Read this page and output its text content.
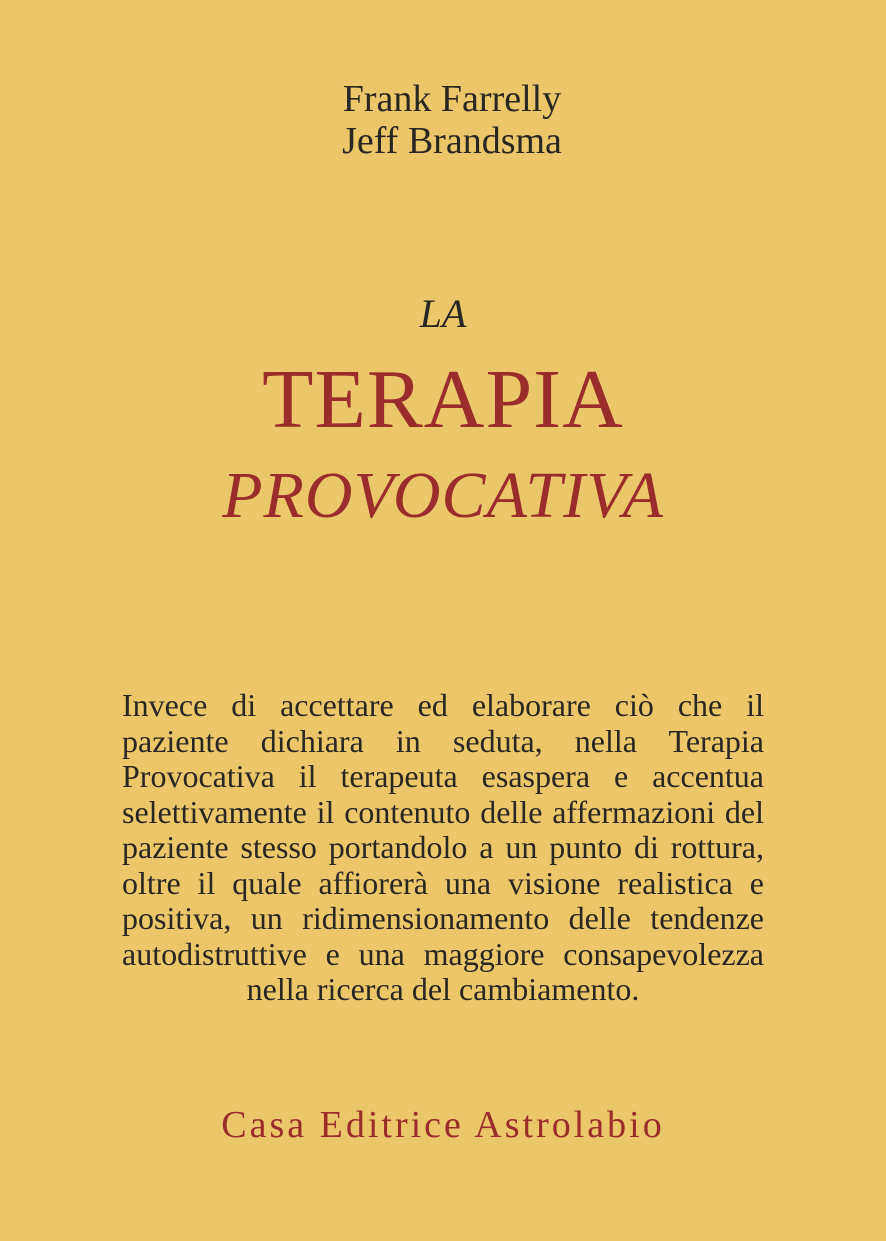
Frank Farrelly
Jeff Brandsma
LA
TERAPIA
PROVOCATIVA
Invece di accettare ed elaborare ciò che il paziente dichiara in seduta, nella Terapia Provocativa il terapeuta esaspera e accentua selettivamente il contenuto delle affermazioni del paziente stesso portandolo a un punto di rottura, oltre il quale affiorerà una visione realistica e positiva, un ridimensionamento delle tendenze autodistruttive e una maggiore consapevolezza nella ricerca del cambiamento.
Casa Editrice Astrolabio
